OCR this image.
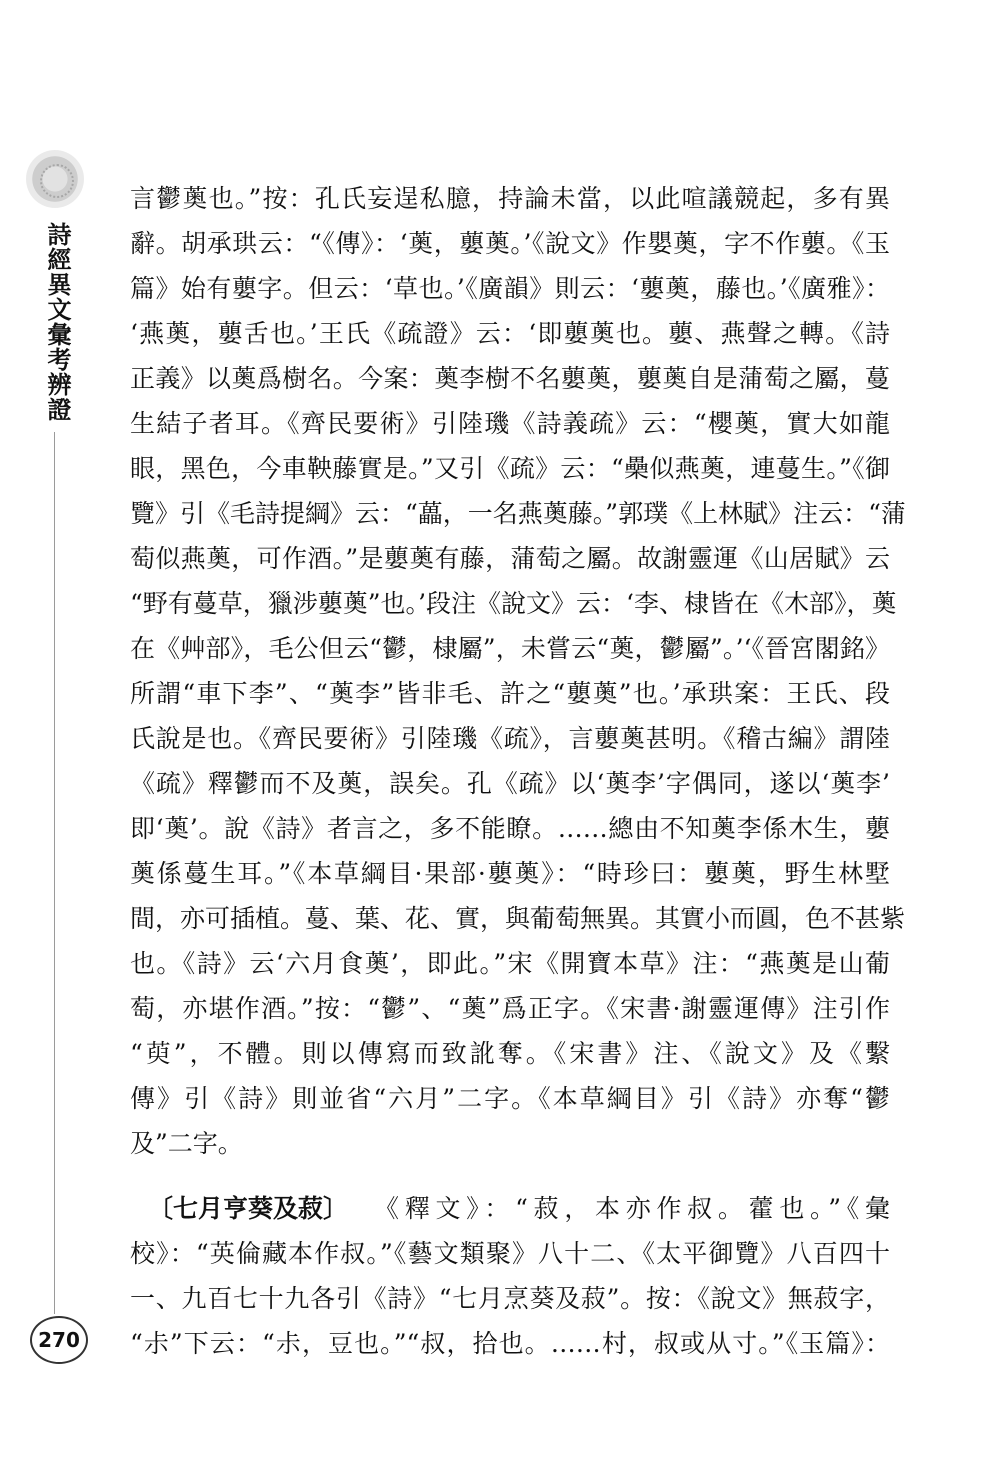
詩經異文彙考辨證
270
言鬱薁也。”按：孔氏妄逞私臆，持論未當，以此喧議競起，多有異
辭。胡承珙云：“《傳》：‘薁，蘡薁。’《說文》作嬰薁，字不作蘡。《玉
篇》始有蘡字。但云：‘草也。’《廣韻》則云：‘蘡薁，藤也。’《廣雅》：
‘燕薁，蘡舌也。’王氏《疏證》云：‘即蘡薁也。蘡、燕聲之轉。《詩
正義》以薁爲樹名。今案：薁李樹不名蘡薁，蘡薁自是蒲萄之屬，蔓
生結子者耳。《齊民要術》引陸璣《詩義疏》云：“櫻薁，實大如龍
眼，黑色，今車鞅藤實是。”又引《疏》云：“櫐似燕薁，連蔓生。”《御
覽》引《毛詩提綱》云：“藟，一名燕薁藤。”郭璞《上林賦》注云：“蒲
萄似燕薁，可作酒。”是蘡薁有藤，蒲萄之屬。故謝靈運《山居賦》云
“野有蔓草，獵涉蘡薁”也。’段注《說文》云：‘李、棣皆在《木部》，薁
在《艸部》，毛公但云“鬱，棣屬”，未嘗云“薁，鬱屬”。’‘《晉宮閣銘》
所謂“車下李”、“薁李”皆非毛、許之“蘡薁”也。’承珙案：王氏、段
氏說是也。《齊民要術》引陸璣《疏》，言蘡薁甚明。《稽古編》謂陸
《疏》釋鬱而不及薁，誤矣。孔《疏》以‘薁李’字偶同，遂以‘薁李’
即‘薁’。說《詩》者言之，多不能瞭。……總由不知薁李係木生，蘡
薁係蔓生耳。”《本草綱目·果部·蘡薁》：“時珍曰：蘡薁，野生林墅
間，亦可插植。蔓、葉、花、實，與葡萄無異。其實小而圓，色不甚紫
也。《詩》云‘六月食薁’，即此。”宋《開寶本草》注：“燕薁是山葡
萄，亦堪作酒。”按：“鬱”、“薁”爲正字。《宋書·謝靈運傳》注引作
“萸”，不體。則以傳寫而致訛奪。《宋書》注、《說文》及《繫
傳》引《詩》則並省“六月”二字。《本草綱目》引《詩》亦奪“鬱
及”二字。
〔七月亨葵及菽〕 《釋文》：“菽，本亦作叔。藿也。”《彙
校》：“英倫藏本作叔。”《藝文類聚》八十二、《太平御覽》八百四十
一、九百七十九各引《詩》“七月烹葵及菽”。按：《說文》無菽字，
“尗”下云：“尗，豆也。”“叔，拾也。……村，叔或从寸。”《玉篇》：
